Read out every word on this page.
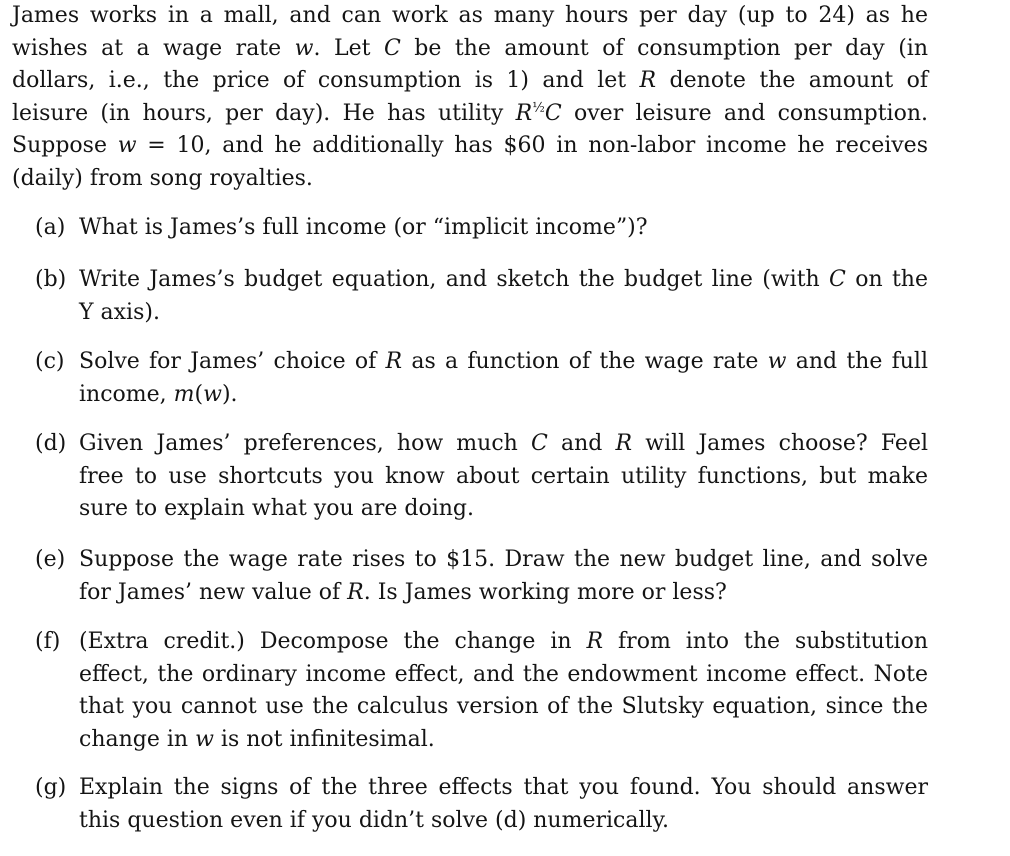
James works in a mall, and can work as many hours per day (up to 24) as he
wishes at a wage rate w. Let C be the amount of consumption per day (in
dollars, i.e., the price of consumption is 1) and let R denote the amount of
leisure (in hours, per day). He has utility $R^{\frac{1}{2}}C$ over leisure and consumption.
Suppose w = 10, and he additionally has $60 in non-labor income he receives
(daily) from song royalties.
(a) What is James’s full income (or “implicit income”)?
(b) Write James’s budget equation, and sketch the budget line (with C on the
Y axis).
(c) Solve for James’ choice of R as a function of the wage rate w and the full
income, m(w).
(d) Given James’ preferences, how much C and R will James choose? Feel
free to use shortcuts you know about certain utility functions, but make
sure to explain what you are doing.
(e) Suppose the wage rate rises to $15. Draw the new budget line, and solve
for James’ new value of R. Is James working more or less?
(f) (Extra credit.) Decompose the change in R from into the substitution
effect, the ordinary income effect, and the endowment income effect. Note
that you cannot use the calculus version of the Slutsky equation, since the
change in w is not infinitesimal.
(g) Explain the signs of the three effects that you found. You should answer
this question even if you didn’t solve (d) numerically.
